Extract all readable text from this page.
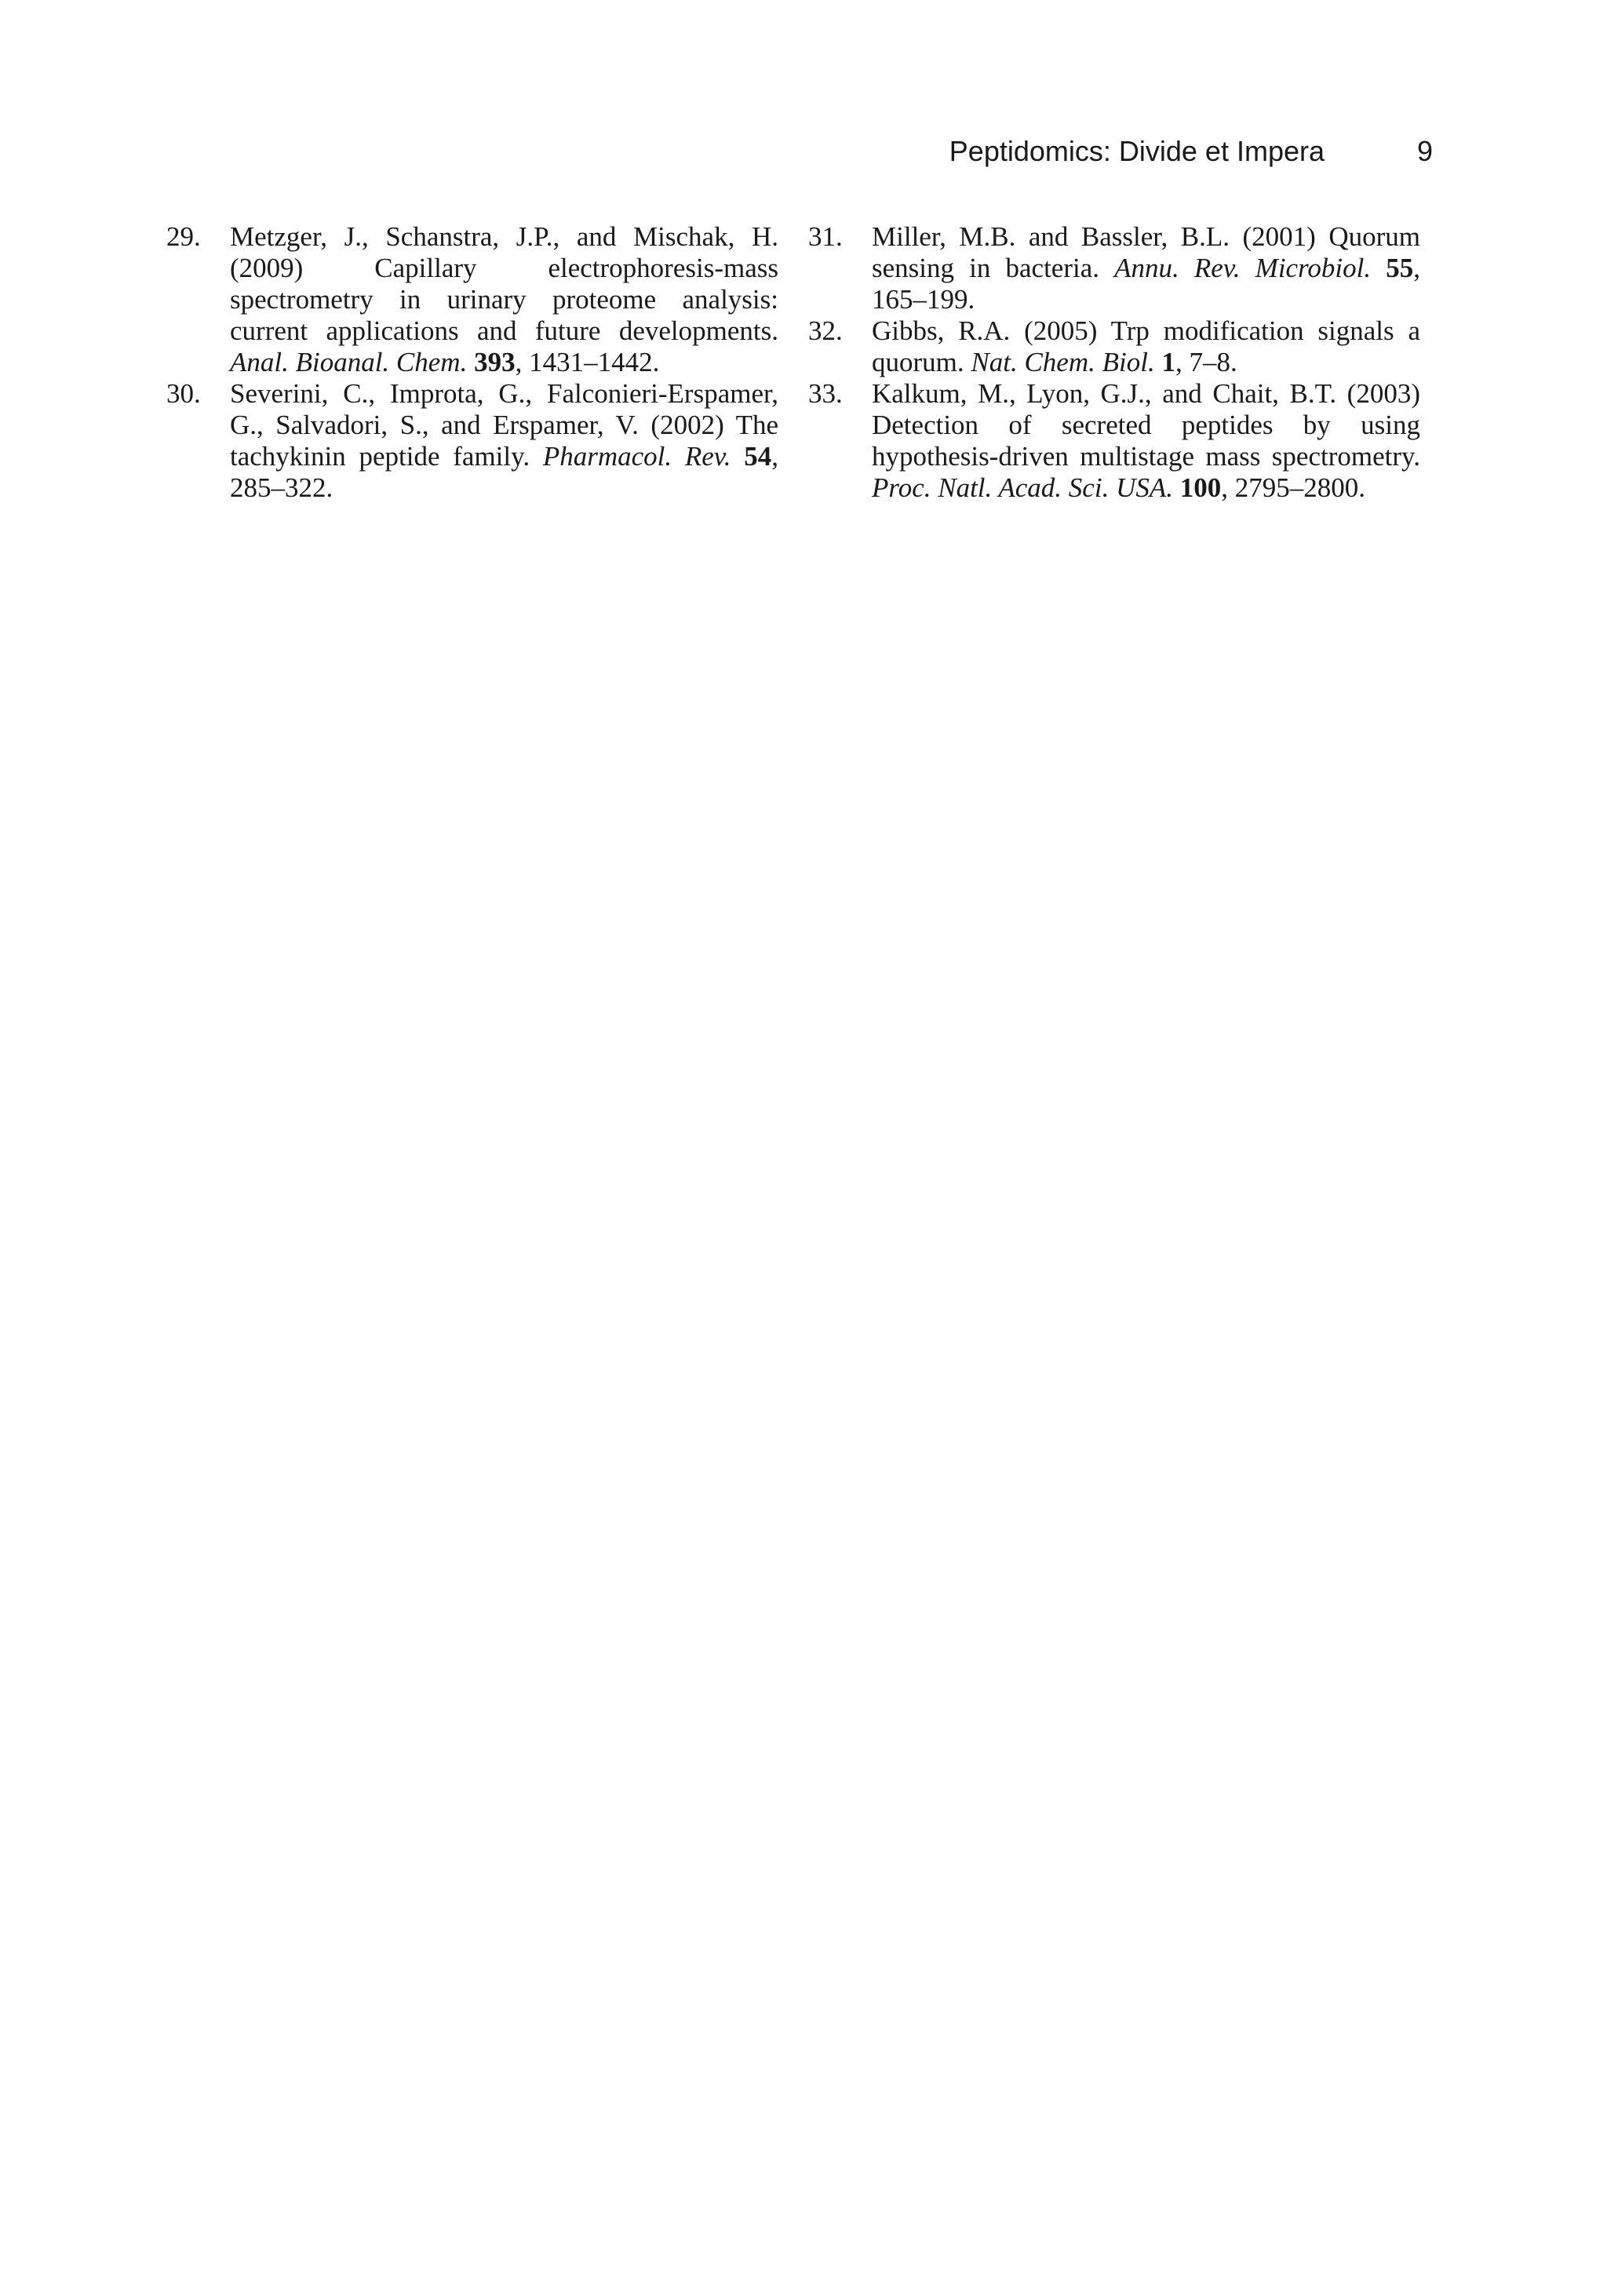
Peptidomics: Divide et Impera	9

29. Metzger, J., Schanstra, J.P., and Mischak, H. (2009) Capillary electrophoresis-mass spectrometry in urinary proteome analysis: current applications and future developments. Anal. Bioanal. Chem. 393, 1431–1442.

30. Severini, C., Improta, G., Falconieri-Erspamer, G., Salvadori, S., and Erspamer, V. (2002) The tachykinin peptide family. Pharmacol. Rev. 54, 285–322.

31. Miller, M.B. and Bassler, B.L. (2001) Quorum sensing in bacteria. Annu. Rev. Microbiol. 55, 165–199.

32. Gibbs, R.A. (2005) Trp modification signals a quorum. Nat. Chem. Biol. 1, 7–8.

33. Kalkum, M., Lyon, G.J., and Chait, B.T. (2003) Detection of secreted peptides by using hypothesis-driven multistage mass spectrometry. Proc. Natl. Acad. Sci. USA. 100, 2795–2800.
